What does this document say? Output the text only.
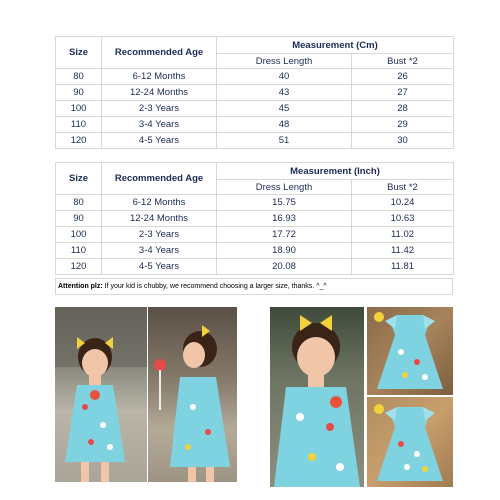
Size	Recommended Age	Measurement (Cm)	
		Dress Length	Bust *2
80	6-12 Months	40	26
90	12-24 Months	43	27
100	2-3 Years	45	28
110	3-4 Years	48	29
120	4-5 Years	51	30
Size	Recommended Age	Measurement (Inch)	
		Dress Length	Bust *2
80	6-12 Months	15.75	10.24
90	12-24 Months	16.93	10.63
100	2-3 Years	17.72	11.02
110	3-4 Years	18.90	11.42
120	4-5 Years	20.08	11.81
Attention plz: If your kid is chubby, we recommend choosing a larger size, thanks. ^_^
